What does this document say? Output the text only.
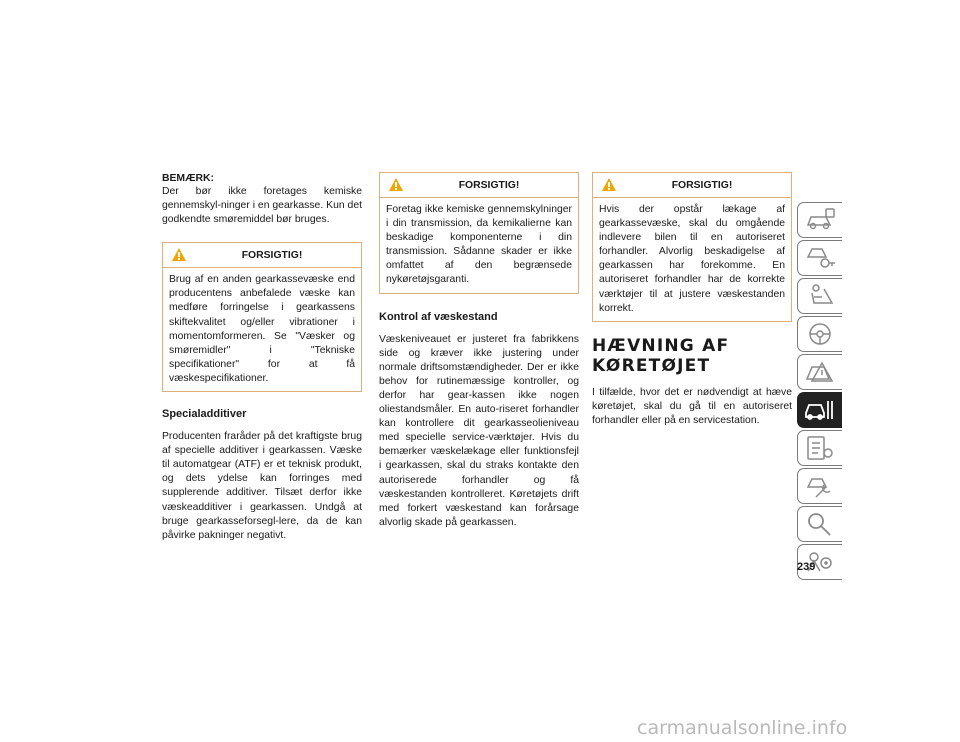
BEMÆRK:

Der bør ikke foretages kemiske gennemskyl-ninger i en gearkasse. Kun det godkendte smøremiddel bør bruges.

FORSIGTIG!
Brug af en anden gearkassevæske end producentens anbefalede væske kan medføre forringelse i gearkassens skiftekvalitet og/eller vibrationer i momentomformeren. Se "Væsker og smøremidler" i "Tekniske specifikationer" for at få væskespecifikationer.

Specialadditiver

Producenten fraråder på det kraftigste brug af specielle additiver i gearkassen. Væske til automatgear (ATF) er et teknisk produkt, og dets ydelse kan forringes med supplerende additiver. Tilsæt derfor ikke væskeadditiver i gearkassen. Undgå at bruge gearkasseforsegl-lere, da de kan påvirke pakninger negativt.

FORSIGTIG!
Foretag ikke kemiske gennemskylninger i din transmission, da kemikalierne kan beskadige komponenterne i din transmission. Sådanne skader er ikke omfattet af den begrænsede nykøretøjsgaranti.

Kontrol af væskestand

Væskeniveauet er justeret fra fabrikkens side og kræver ikke justering under normale driftsomstændigheder. Der er ikke behov for rutinemæssige kontroller, og derfor har gear-kassen ikke nogen oliestandsmåler. En auto-riseret forhandler kan kontrollere dit gearkasseolieniveau med specielle service-værktøjer. Hvis du bemærker væskelækage eller funktionsfejl i gearkassen, skal du straks kontakte den autoriserede forhandler og få væskestanden kontrolleret. Køretøjets drift med forkert væskestand kan forårsage alvorlig skade på gearkassen.

FORSIGTIG!
Hvis der opstår lækage af gearkassevæske, skal du omgående indlevere bilen til en autoriseret forhandler. Alvorlig beskadigelse af gearkassen har forekomme. En autoriseret forhandler har de korrekte værktøjer til at justere væskestanden korrekt.

HÆVNING AF KØRETØJET

I tilfælde, hvor det er nødvendigt at hæve køretøjet, skal du gå til en autoriseret forhandler eller på en servicestation.

239
carmanualsonline.info
